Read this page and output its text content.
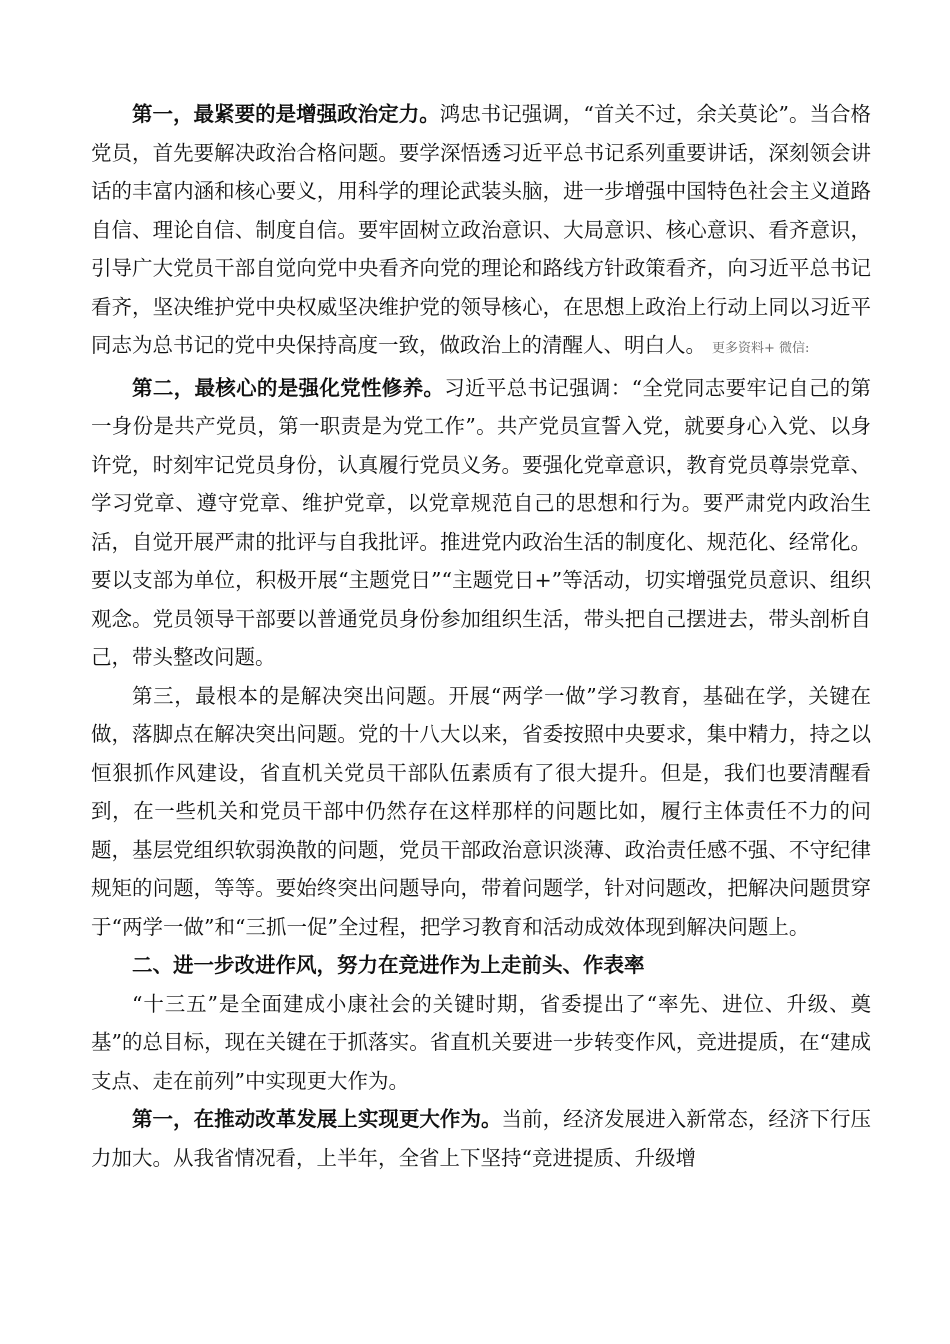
第一，最紧要的是增强政治定力。鸿忠书记强调，“首关不过，余关莫论”。当合格党员，首先要解决政治合格问题。要学深悟透习近平总书记系列重要讲话，深刻领会讲话的丰富内涵和核心要义，用科学的理论武装头脑，进一步增强中国特色社会主义道路自信、理论自信、制度自信。要牢固树立政治意识、大局意识、核心意识、看齐意识，引导广大党员干部自觉向党中央看齐向党的理论和路线方针政策看齐，向习近平总书记看齐，坚决维护党中央权威坚决维护党的领导核心，在思想上政治上行动上同以习近平同志为总书记的党中央保持高度一致，做政治上的清醒人、明白人。 更多资料+ 微信:

第二，最核心的是强化党性修养。习近平总书记强调：“全党同志要牢记自己的第一身份是共产党员，第一职责是为党工作”。共产党员宣誓入党，就要身心入党、以身许党，时刻牢记党员身份，认真履行党员义务。要强化党章意识，教育党员尊崇党章、学习党章、遵守党章、维护党章，以党章规范自己的思想和行为。要严肃党内政治生活，自觉开展严肃的批评与自我批评。推进党内政治生活的制度化、规范化、经常化。要以支部为单位，积极开展“主题党日”“主题党日+”等活动，切实增强党员意识、组织观念。党员领导干部要以普通党员身份参加组织生活，带头把自己摆进去，带头剖析自己，带头整改问题。

第三，最根本的是解决突出问题。开展“两学一做”学习教育，基础在学，关键在做，落脚点在解决突出问题。党的十八大以来，省委按照中央要求，集中精力，持之以恒狠抓作风建设，省直机关党员干部队伍素质有了很大提升。但是，我们也要清醒看到，在一些机关和党员干部中仍然存在这样那样的问题比如，履行主体责任不力的问题，基层党组织软弱涣散的问题，党员干部政治意识淡薄、政治责任感不强、不守纪律规矩的问题，等等。要始终突出问题导向，带着问题学，针对问题改，把解决问题贯穿于“两学一做”和“三抓一促”全过程，把学习教育和活动成效体现到解决问题上。

二、进一步改进作风，努力在竞进作为上走前头、作表率

“十三五”是全面建成小康社会的关键时期，省委提出了“率先、进位、升级、奠基”的总目标，现在关键在于抓落实。省直机关要进一步转变作风，竞进提质，在“建成支点、走在前列”中实现更大作为。

第一，在推动改革发展上实现更大作为。当前，经济发展进入新常态，经济下行压力加大。从我省情况看，上半年，全省上下坚持“竞进提质、升级增
